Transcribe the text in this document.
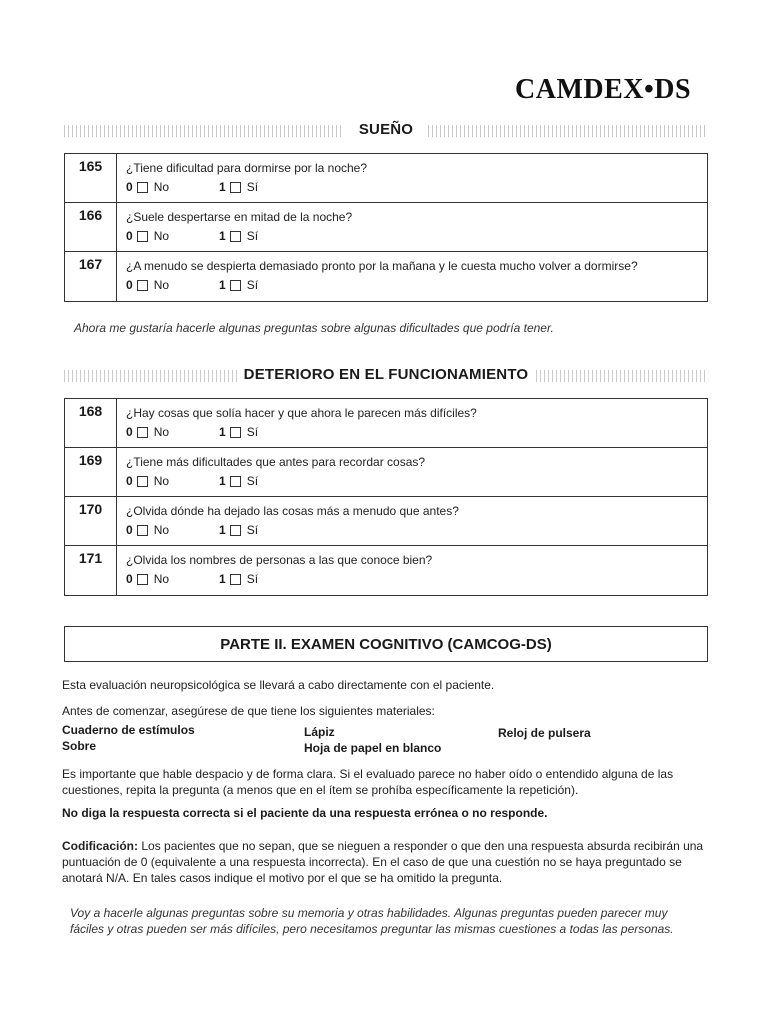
CAMDEX•DS
SUEÑO
165	¿Tiene dificultad para dormirse por la noche?
0 No	1 Sí
166	¿Suele despertarse en mitad de la noche?
0 No	1 Sí
167	¿A menudo se despierta demasiado pronto por la mañana y le cuesta mucho volver a dormirse?
0 No	1 Sí
Ahora me gustaría hacerle algunas preguntas sobre algunas dificultades que podría tener.
DETERIORO EN EL FUNCIONAMIENTO
168	¿Hay cosas que solía hacer y que ahora le parecen más difíciles?
0 No	1 Sí
169	¿Tiene más dificultades que antes para recordar cosas?
0 No	1 Sí
170	¿Olvida dónde ha dejado las cosas más a menudo que antes?
0 No	1 Sí
171	¿Olvida los nombres de personas a las que conoce bien?
0 No	1 Sí
PARTE II. EXAMEN COGNITIVO (CAMCOG-DS)
Esta evaluación neuropsicológica se llevará a cabo directamente con el paciente.
Antes de comenzar, asegúrese de que tiene los siguientes materiales:
Cuaderno de estímulos	Lápiz	Reloj de pulsera
Sobre	Hoja de papel en blanco
Es importante que hable despacio y de forma clara. Si el evaluado parece no haber oído o entendido alguna de las cuestiones, repita la pregunta (a menos que en el ítem se prohíba específicamente la repetición).
No diga la respuesta correcta si el paciente da una respuesta errónea o no responde.
Codificación: Los pacientes que no sepan, que se nieguen a responder o que den una respuesta absurda recibirán una puntuación de 0 (equivalente a una respuesta incorrecta). En el caso de que una cuestión no se haya preguntado se anotará N/A. En tales casos indique el motivo por el que se ha omitido la pregunta.
Voy a hacerle algunas preguntas sobre su memoria y otras habilidades. Algunas preguntas pueden parecer muy fáciles y otras pueden ser más difíciles, pero necesitamos preguntar las mismas cuestiones a todas las personas.
